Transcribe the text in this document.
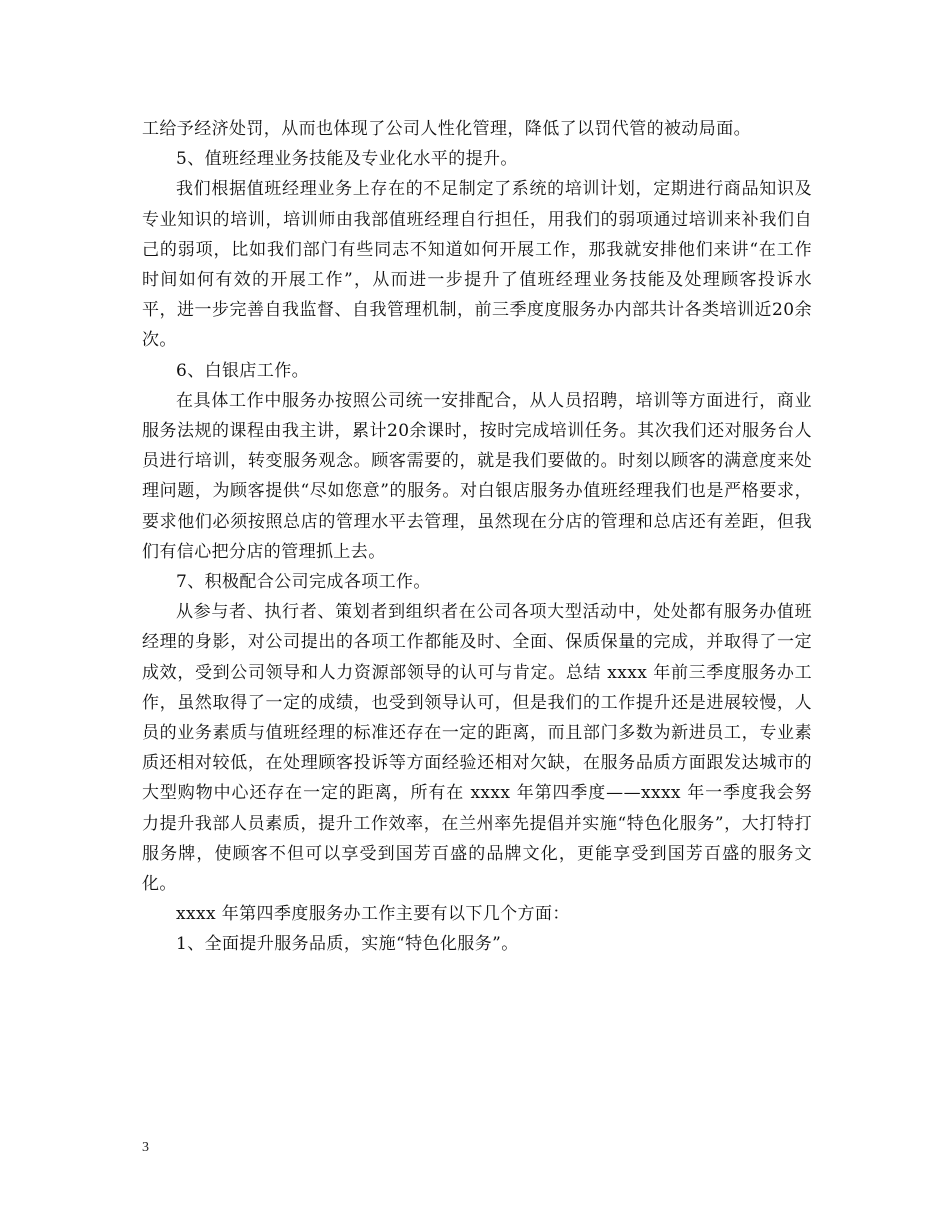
工给予经济处罚，从而也体现了公司人性化管理，降低了以罚代管的被动局面。

5、值班经理业务技能及专业化水平的提升。

我们根据值班经理业务上存在的不足制定了系统的培训计划，定期进行商品知识及专业知识的培训，培训师由我部值班经理自行担任，用我们的弱项通过培训来补我们自己的弱项，比如我们部门有些同志不知道如何开展工作，那我就安排他们来讲“在工作时间如何有效的开展工作”，从而进一步提升了值班经理业务技能及处理顾客投诉水平，进一步完善自我监督、自我管理机制，前三季度度服务办内部共计各类培训近20余次。

6、白银店工作。

在具体工作中服务办按照公司统一安排配合，从人员招聘，培训等方面进行，商业服务法规的课程由我主讲，累计20余课时，按时完成培训任务。其次我们还对服务台人员进行培训，转变服务观念。顾客需要的，就是我们要做的。时刻以顾客的满意度来处理问题，为顾客提供“尽如您意”的服务。对白银店服务办值班经理我们也是严格要求，要求他们必须按照总店的管理水平去管理，虽然现在分店的管理和总店还有差距，但我们有信心把分店的管理抓上去。

7、积极配合公司完成各项工作。

从参与者、执行者、策划者到组织者在公司各项大型活动中，处处都有服务办值班经理的身影，对公司提出的各项工作都能及时、全面、保质保量的完成，并取得了一定成效，受到公司领导和人力资源部领导的认可与肯定。总结 xxxx 年前三季度服务办工作，虽然取得了一定的成绩，也受到领导认可，但是我们的工作提升还是进展较慢，人员的业务素质与值班经理的标准还存在一定的距离，而且部门多数为新进员工，专业素质还相对较低，在处理顾客投诉等方面经验还相对欠缺，在服务品质方面跟发达城市的大型购物中心还存在一定的距离，所有在 xxxx 年第四季度——xxxx 年一季度我会努力提升我部人员素质，提升工作效率，在兰州率先提倡并实施“特色化服务”，大打特打服务牌，使顾客不但可以享受到国芳百盛的品牌文化，更能享受到国芳百盛的服务文化。

xxxx 年第四季度服务办工作主要有以下几个方面：

1、全面提升服务品质，实施“特色化服务”。

3
